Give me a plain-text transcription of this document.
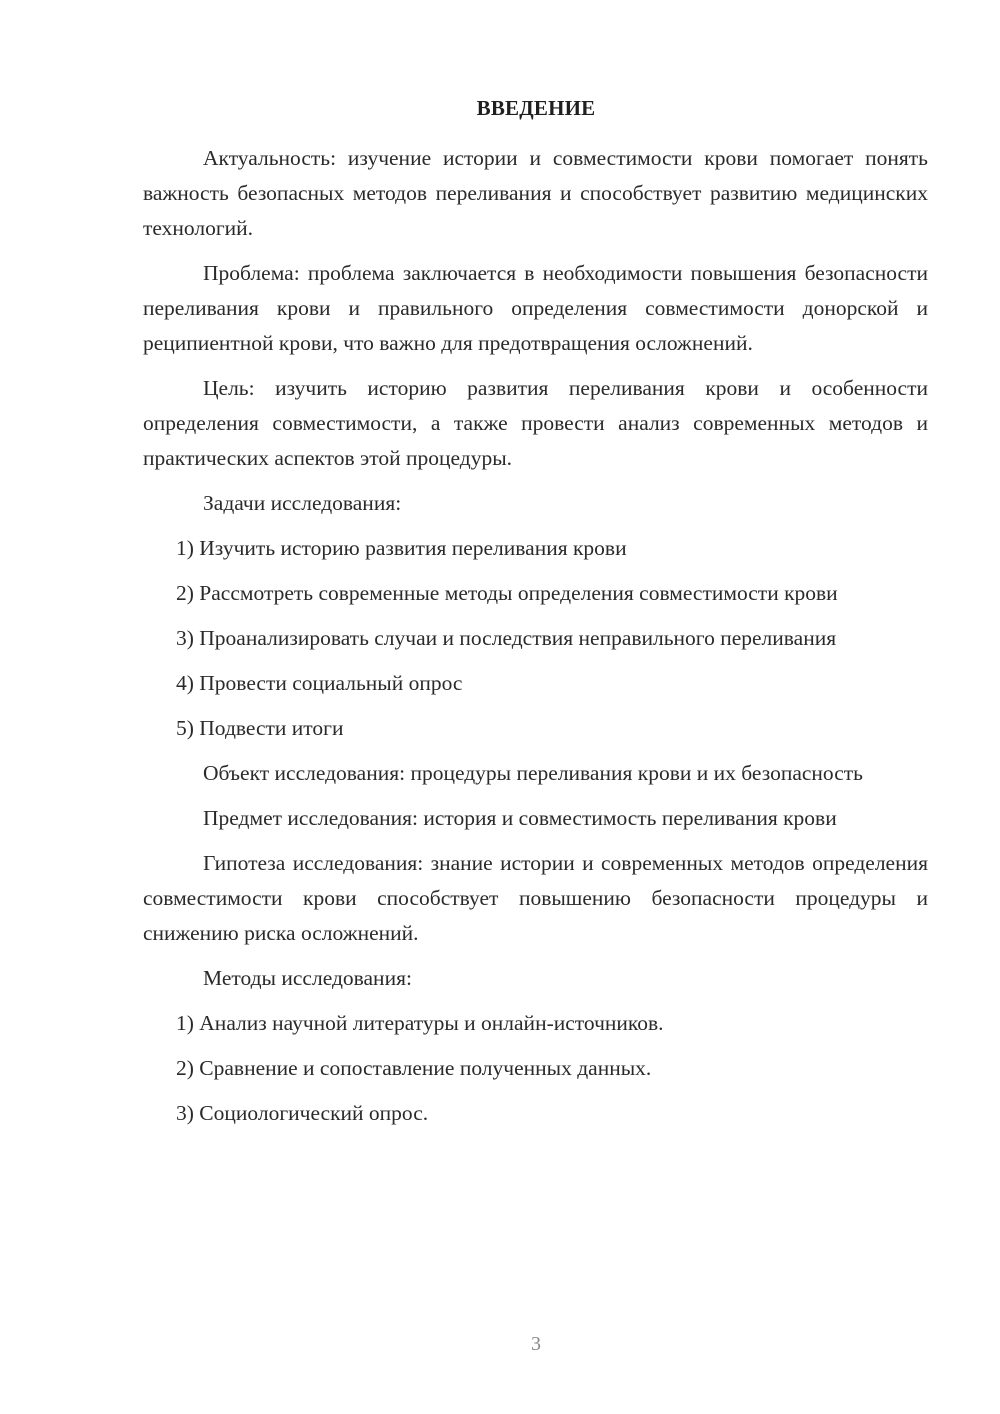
ВВЕДЕНИЕ

Актуальность: изучение истории и совместимости крови помогает понять важность безопасных методов переливания и способствует развитию медицинских технологий.

Проблема: проблема заключается в необходимости повышения безопасности переливания крови и правильного определения совместимости донорской и реципиентной крови, что важно для предотвращения осложнений.

Цель: изучить историю развития переливания крови и особенности определения совместимости, а также провести анализ современных методов и практических аспектов этой процедуры.

Задачи исследования:

1) Изучить историю развития переливания крови

2) Рассмотреть современные методы определения совместимости крови

3) Проанализировать случаи и последствия неправильного переливания

4) Провести социальный опрос

5) Подвести итоги

Объект исследования: процедуры переливания крови и их безопасность

Предмет исследования: история и совместимость переливания крови

Гипотеза исследования: знание истории и современных методов определения совместимости крови способствует повышению безопасности процедуры и снижению риска осложнений.

Методы исследования:

1) Анализ научной литературы и онлайн-источников.

2) Сравнение и сопоставление полученных данных.

3) Социологический опрос.

3
